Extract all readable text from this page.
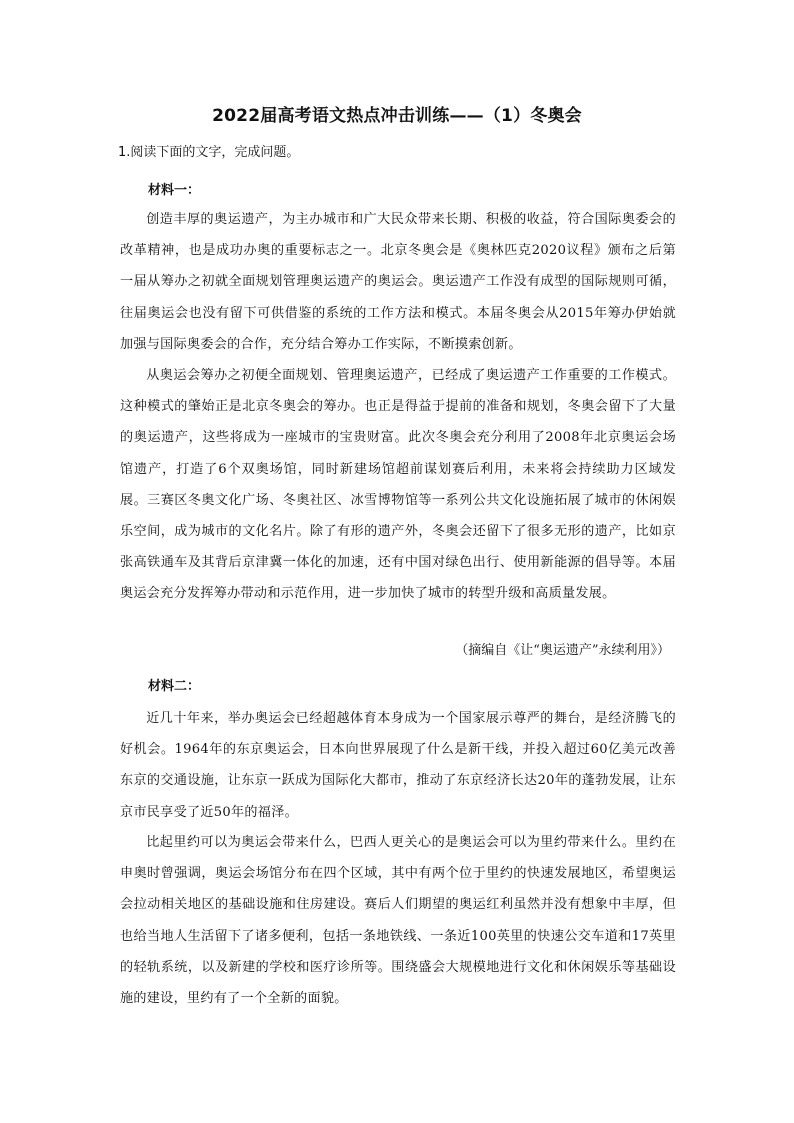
2022届高考语文热点冲击训练——（1）冬奥会
1.阅读下面的文字，完成问题。
材料一：

创造丰厚的奥运遗产，为主办城市和广大民众带来长期、积极的收益，符合国际奥委会的改革精神，也是成功办奥的重要标志之一。北京冬奥会是《奥林匹克2020议程》颁布之后第一届从筹办之初就全面规划管理奥运遗产的奥运会。奥运遗产工作没有成型的国际规则可循，往届奥运会也没有留下可供借鉴的系统的工作方法和模式。本届冬奥会从2015年筹办伊始就加强与国际奥委会的合作，充分结合筹办工作实际，不断摸索创新。

从奥运会筹办之初便全面规划、管理奥运遗产，已经成了奥运遗产工作重要的工作模式。这种模式的肇始正是北京冬奥会的筹办。也正是得益于提前的准备和规划，冬奥会留下了大量的奥运遗产，这些将成为一座城市的宝贵财富。此次冬奥会充分利用了2008年北京奥运会场馆遗产，打造了6个双奥场馆，同时新建场馆超前谋划赛后利用，未来将会持续助力区域发展。三赛区冬奥文化广场、冬奥社区、冰雪博物馆等一系列公共文化设施拓展了城市的休闲娱乐空间，成为城市的文化名片。除了有形的遗产外，冬奥会还留下了很多无形的遗产，比如京张高铁通车及其背后京津冀一体化的加速，还有中国对绿色出行、使用新能源的倡导等。本届奥运会充分发挥筹办带动和示范作用，进一步加快了城市的转型升级和高质量发展。

（摘编自《让“奥运遗产”永续利用》）
材料二：

近几十年来，举办奥运会已经超越体育本身成为一个国家展示尊严的舞台，是经济腾飞的好机会。1964年的东京奥运会，日本向世界展现了什么是新干线，并投入超过60亿美元改善东京的交通设施，让东京一跃成为国际化大都市，推动了东京经济长达20年的蓬勃发展，让东京市民享受了近50年的福泽。

比起里约可以为奥运会带来什么，巴西人更关心的是奥运会可以为里约带来什么。里约在申奥时曾强调，奥运会场馆分布在四个区域，其中有两个位于里约的快速发展地区，希望奥运会拉动相关地区的基础设施和住房建设。赛后人们期望的奥运红利虽然并没有想象中丰厚，但也给当地人生活留下了诸多便利，包括一条地铁线、一条近100英里的快速公交车道和17英里的轻轨系统，以及新建的学校和医疗诊所等。围绕盛会大规模地进行文化和休闲娱乐等基础设施的建设，里约有了一个全新的面貌。
